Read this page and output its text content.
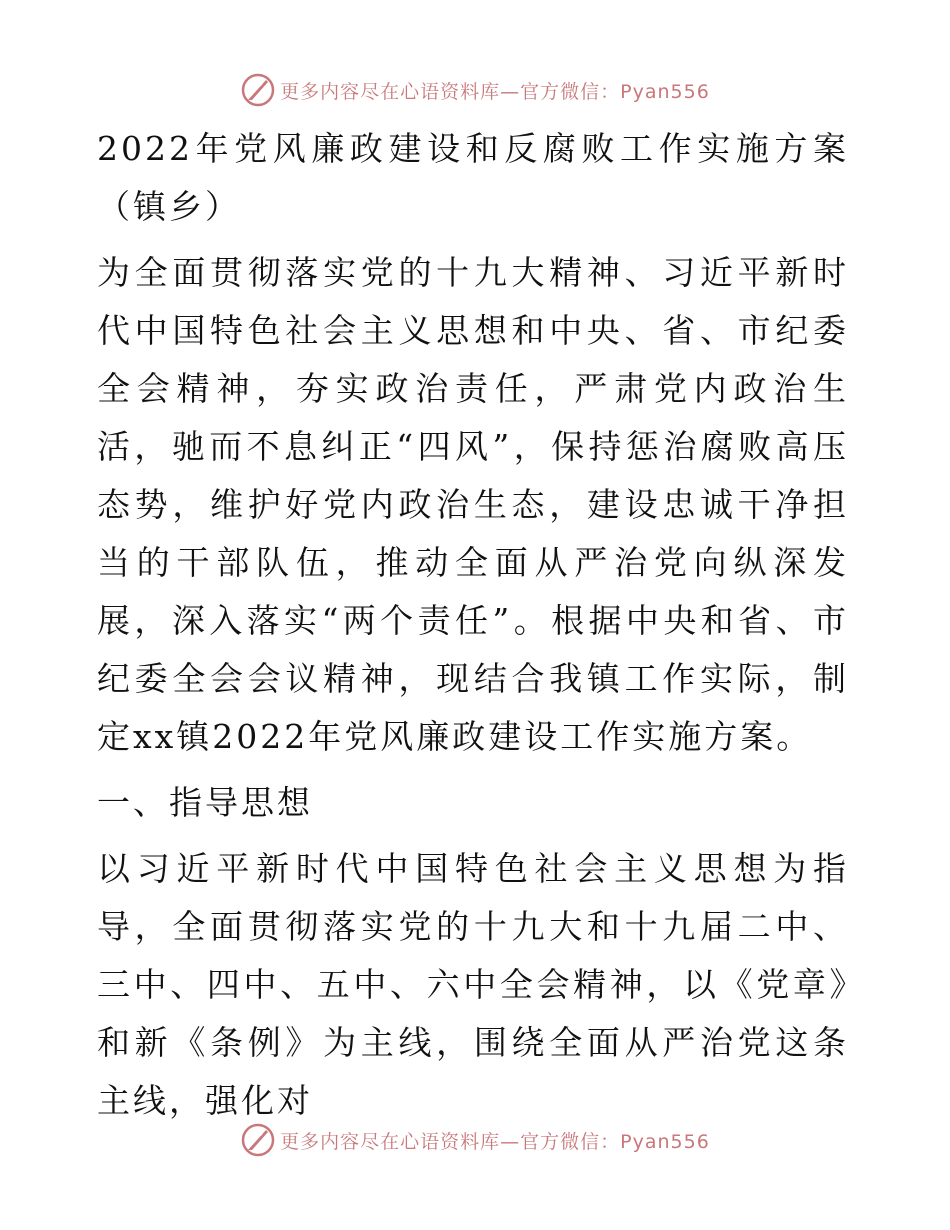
更多内容尽在心语资料库—官方微信：Pyan556

2022年党风廉政建设和反腐败工作实施方案（镇乡）

为全面贯彻落实党的十九大精神、习近平新时代中国特色社会主义思想和中央、省、市纪委全会精神，夯实政治责任，严肃党内政治生活，驰而不息纠正“四风”，保持惩治腐败高压态势，维护好党内政治生态，建设忠诚干净担当的干部队伍，推动全面从严治党向纵深发展，深入落实“两个责任”。根据中央和省、市纪委全会会议精神，现结合我镇工作实际，制定xx镇2022年党风廉政建设工作实施方案。

一、指导思想

以习近平新时代中国特色社会主义思想为指导，全面贯彻落实党的十九大和十九届二中、三中、四中、五中、六中全会精神，以《党章》和新《条例》为主线，围绕全面从严治党这条主线，强化对

更多内容尽在心语资料库—官方微信：Pyan556
